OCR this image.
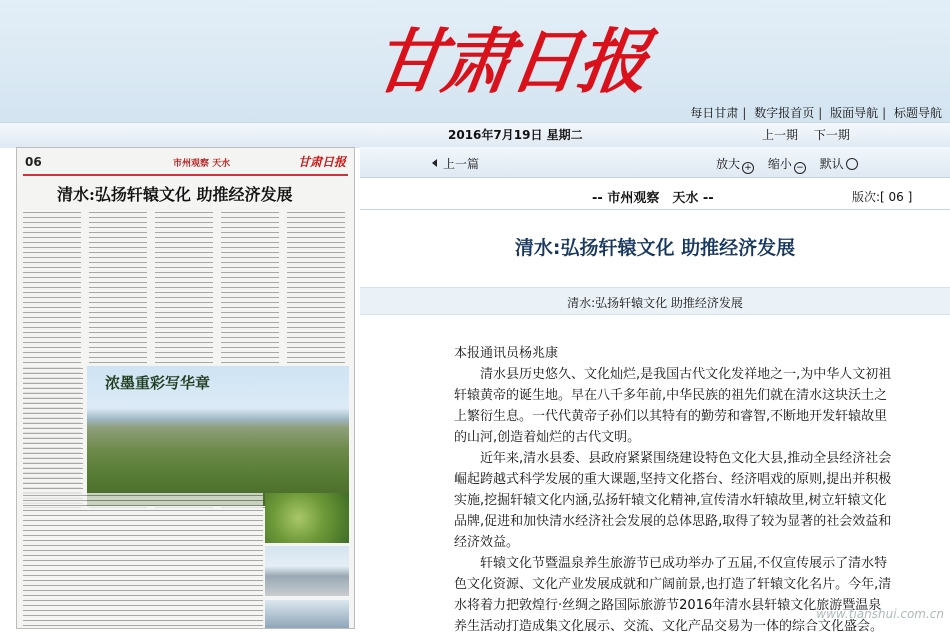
甘肃日报
每日甘肃 | 数字报首页 | 版面导航 | 标题导航
2016年7月19日 星期二	上一期 下一期
06	市州观察 天水	甘肃日报
清水:弘扬轩辕文化 助推经济发展
浓墨重彩写华章
上一篇	放大 + 缩小 − 默认
-- 市州观察　天水 --	版次:[ 06 ]
清水:弘扬轩辕文化 助推经济发展
清水:弘扬轩辕文化 助推经济发展

本报通讯员杨兆康

清水县历史悠久、文化灿烂,是我国古代文化发祥地之一,为中华人文初祖轩辕黄帝的诞生地。早在八千多年前,中华民族的祖先们就在清水这块沃土之上繁衍生息。一代代黄帝子孙们以其特有的勤劳和睿智,不断地开发轩辕故里的山河,创造着灿烂的古代文明。

近年来,清水县委、县政府紧紧围绕建设特色文化大县,推动全县经济社会崛起跨越式科学发展的重大课题,坚持文化搭台、经济唱戏的原则,提出并积极实施,挖掘轩辕文化内涵,弘扬轩辕文化精神,宣传清水轩辕故里,树立轩辕文化品牌,促进和加快清水经济社会发展的总体思路,取得了较为显著的社会效益和经济效益。

轩辕文化节暨温泉养生旅游节已成功举办了五届,不仅宣传展示了清水特色文化资源、文化产业发展成就和广阔前景,也打造了轩辕文化名片。今年,清水将着力把敦煌行·丝绸之路国际旅游节2016年清水县轩辕文化旅游暨温泉养生活动打造成集文化展示、交流、文化产品交易为一体的综合文化盛会。

www.tianshui.com.cn
